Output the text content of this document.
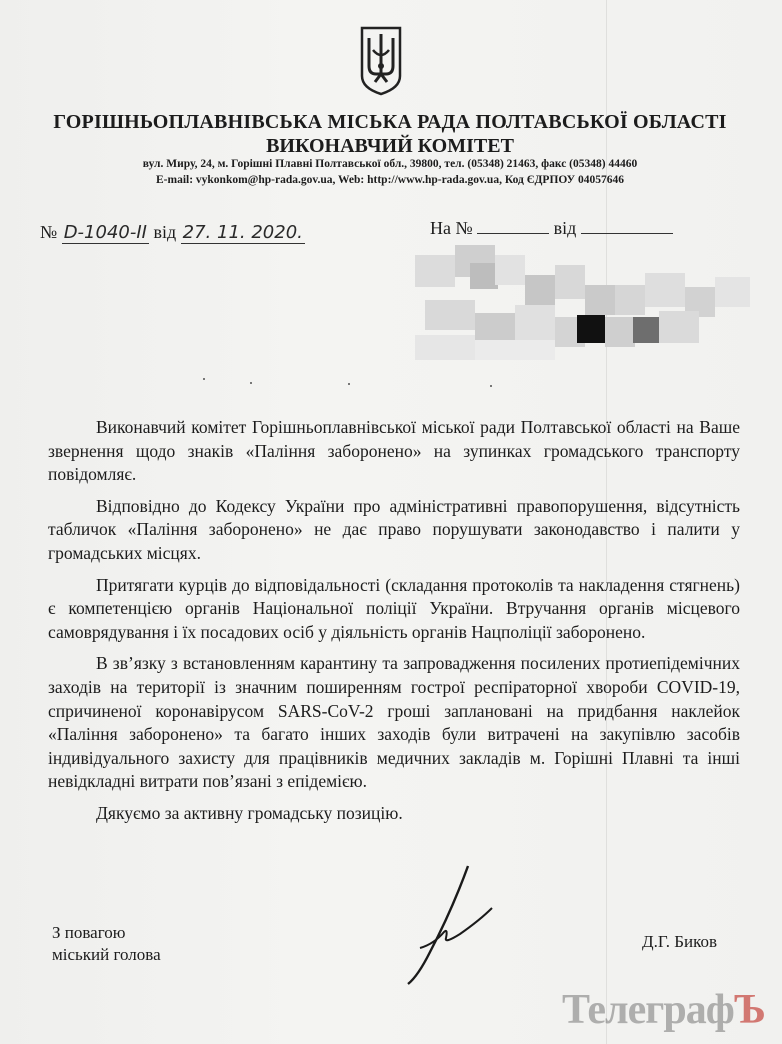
ГОРІШНЬОПЛАВНІВСЬКА МІСЬКА РАДА ПОЛТАВСЬКОЇ ОБЛАСТІ
ВИКОНАВЧИЙ КОМІТЕТ
вул. Миру, 24, м. Горішні Плавні Полтавської обл., 39800, тел. (05348) 21463, факс (05348) 44460
E-mail: vykonkom@hp-rada.gov.ua, Web: http://www.hp-rada.gov.ua, Код ЄДРПОУ 04057646
№ D-1040-II від 27. 11. 2020.	На №	від

Виконавчий комітет Горішньоплавнівської міської ради Полтавської області на Ваше звернення щодо знаків «Паління заборонено» на зупинках громадського транспорту повідомляє.

Відповідно до Кодексу України про адміністративні правопорушення, відсутність табличок «Паління заборонено» не дає право порушувати законодавство і палити у громадських місцях.

Притягати курців до відповідальності (складання протоколів та накладення стягнень) є компетенцією органів Національної поліції України. Втручання органів місцевого самоврядування і їх посадових осіб у діяльність органів Нацполіції заборонено.

В зв’язку з встановленням карантину та запровадження посилених протиепідемічних заходів на території із значним поширенням гострої респіраторної хвороби COVID-19, спричиненої коронавірусом SARS-CoV-2 гроші заплановані на придбання наклейок «Паління заборонено» та багато інших заходів були витрачені на закупівлю засобів індивідуального захисту для працівників медичних закладів м. Горішні Плавні та інші невідкладні витрати пов’язані з епідемією.

Дякуємо за активну громадську позицію.

З повагою
міський голова
Д.Г. Биков
ТелеграфЪ
